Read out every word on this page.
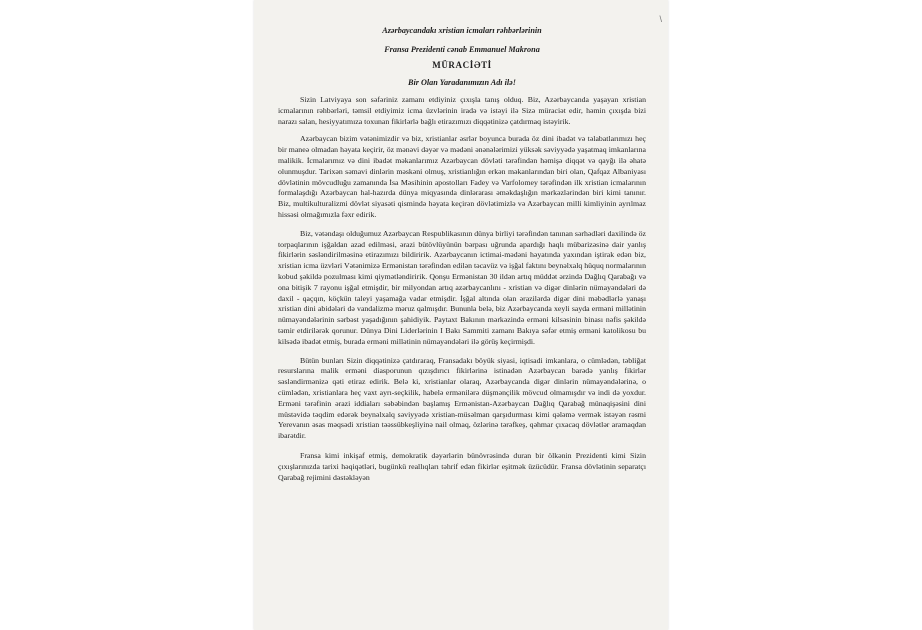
\
Azərbaycandakı xristian icmaları rəhbərlərinin
Fransa Prezidenti cənab Emmanuel Makrona
MÜRACİƏTİ
Bir Olan Yaradanımızın Adı ilə!

Sizin Latviyaya son səfəriniz zamanı etdiyiniz çıxışla tanış olduq. Biz, Azərbaycanda yaşayan xristian icmalarının rəhbərləri, təmsil etdiyimiz icma üzvlərinin iradə və istəyi ilə Sizə müraciət edir, həmin çıxışda bizi narazı salan, hesiyyatımıza toxunan fikirlərlə bağlı etirazımızı diqqətinizə çatdırmaq istəyirik.

Azərbaycan bizim vətənimizdir və biz, xristianlar əsrlər boyunca burada öz dini ibadət və təlabatlarımızı heç bir maneə olmadan həyata keçirir, öz mənəvi dəyər və mədəni ənənələrimizi yüksək səviyyədə yaşatmaq imkanlarına malikik. İcmalarımız və dini ibadət məkanlarımız Azərbaycan dövləti tərəfindən həmişə diqqət və qayğı ilə əhatə olunmuşdur. Tarixən səmavi dinlərin məskəni olmuş, xristianlığın erkən məkanlarından biri olan, Qafqaz Albaniyası dövlətinin mövcudluğu zamanında İsa Məsihinin apostolları Fadey və Varfolomey tərəfindən ilk xristian icmalarının formalaşdığı Azərbaycan hal-hazırda dünya miqyasında dinlərarası əməkdaşlığın mərkəzlərindən biri kimi tanınır. Biz, multikulturalizmi dövlət siyasəti qismində həyata keçirən dövlətimizlə və Azərbaycan milli kimliyinin ayrılmaz hissəsi olmağımızla fəxr edirik.

Biz, vətəndaşı olduğumuz Azərbaycan Respublikasının dünya birliyi tərəfindən tanınan sərhədləri daxilində öz torpaqlarının işğaldan azad edilməsi, ərazi bütövlüyünün bərpası uğrunda apardığı haqlı mübarizəsinə dair yanlış fikirlərin səsləndirilməsinə etirazımızı bildiririk. Azərbaycanın ictimai-mədəni həyatında yaxından iştirak edən biz, xristian icma üzvləri Vətənimizə Ermənistan tərəfindən edilən təcavüz və işğal faktını beynəlxalq hüquq normalarının kobud şəkildə pozulması kimi qiymətləndiririk. Qonşu Ermənistan 30 ildən artıq müddət ərzində Dağlıq Qarabağı və ona bitişik 7 rayonu işğal etmişdir, bir milyondan artıq azərbaycanlını - xristian və digər dinlərin nümayəndələri də daxil - qaçqın, köçkün taleyi yaşamağa vadar etmişdir. İşğal altında olan ərazilərdə digər dini məbədlərlə yanaşı xristian dini abidələri də vandalizmə məruz qalmışdır. Bununla belə, biz Azərbaycanda xeyli sayda erməni millətinin nümayəndələrinin sərbəst yaşadığının şahidiyik. Paytaxt Bakının mərkəzində erməni kilsəsinin binası nəfis şəkildə təmir etdirilərək qorunur. Dünya Dini Liderlərinin I Bakı Sammiti zamanı Bakıya səfər etmiş erməni katolikosu bu kilsədə ibadət etmiş, burada erməni millətinin nümayəndələri ilə görüş keçirmişdi.

Bütün bunları Sizin diqqətinizə çatdıraraq, Fransadakı böyük siyasi, iqtisadi imkanlara, o cümlədən, təbliğat resurslarına malik erməni diasporunun qızışdırıcı fikirlərinə istinadən Azərbaycan barədə yanlış fikirlər səsləndirmənizə qəti etiraz edirik. Belə ki, xristianlar olaraq, Azərbaycanda digər dinlərin nümayəndələrinə, o cümlədən, xristianlara heç vaxt ayrı-seçkilik, habelə ermənilərə düşmənçilik mövcud olmamışdır və indi də yoxdur. Erməni tərəfinin ərazi iddiaları səbəbindən başlamış Ermənistan-Azərbaycan Dağlıq Qarabağ münaqişəsini dini müstəvidə təqdim edərək beynəlxalq səviyyədə xristian-müsəlman qarşıdurması kimi qələmə vermək istəyən rəsmi Yerevanın əsas məqsədi xristian təəssübkeşliyinə nail olmaq, özlərinə tərəfkeş, qəhmar çıxacaq dövlətlər aramaqdan ibarətdir.

Fransa kimi inkişaf etmiş, demokratik dəyərlərin bünövrəsində duran bir ölkənin Prezidenti kimi Sizin çıxışlarınızda tarixi həqiqətləri, bugünkü reallıqları təhrif edən fikirlər eşitmək üzücüdür. Fransa dövlətinin separatçı Qarabağ rejimini dəstəkləyən
